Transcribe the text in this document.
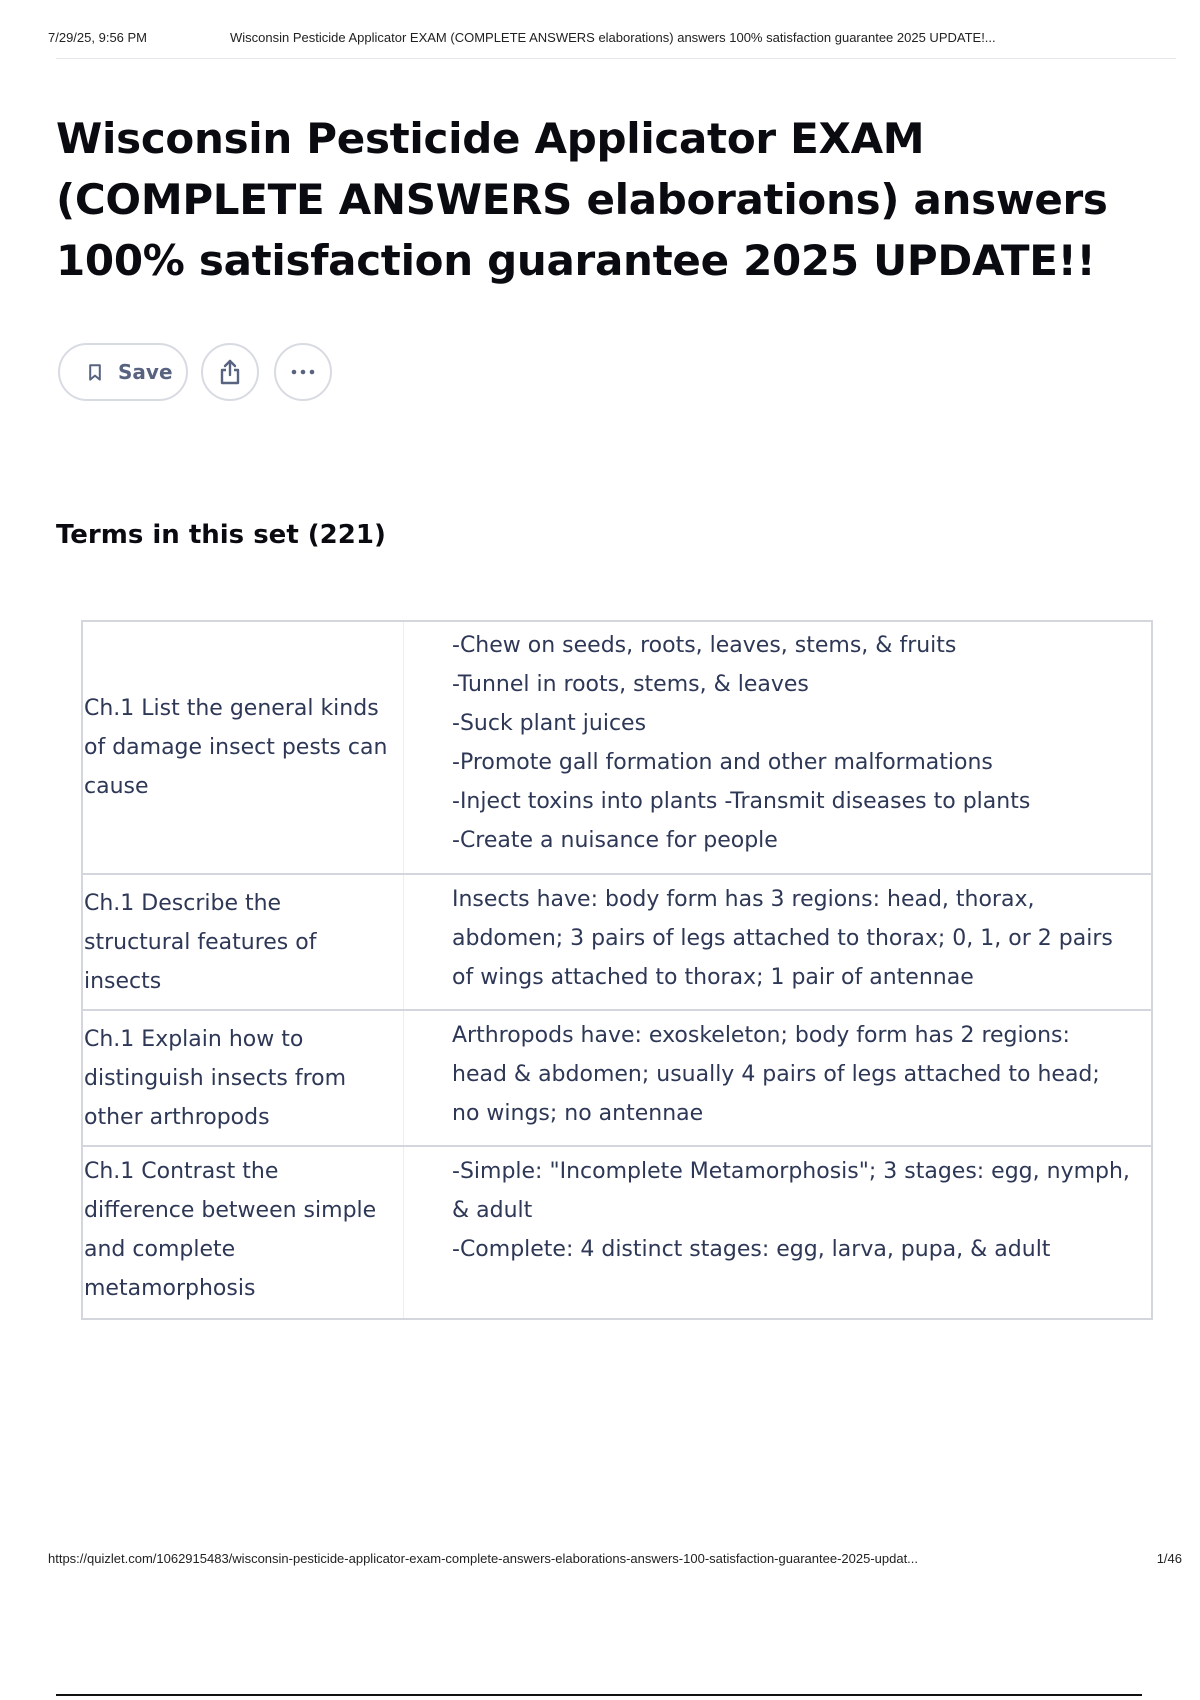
7/29/25, 9:56 PM	Wisconsin Pesticide Applicator EXAM (COMPLETE ANSWERS elaborations) answers 100% satisfaction guarantee 2025 UPDATE!...
Wisconsin Pesticide Applicator EXAM (COMPLETE ANSWERS elaborations) answers 100% satisfaction guarantee 2025 UPDATE!!
Save
Terms in this set (221)
Ch.1 List the general kinds of damage insect pests can cause
-Chew on seeds, roots, leaves, stems, & fruits
-Tunnel in roots, stems, & leaves
-Suck plant juices
-Promote gall formation and other malformations
-Inject toxins into plants -Transmit diseases to plants
-Create a nuisance for people
Ch.1 Describe the structural features of insects
Insects have: body form has 3 regions: head, thorax, abdomen; 3 pairs of legs attached to thorax; 0, 1, or 2 pairs of wings attached to thorax; 1 pair of antennae
Ch.1 Explain how to distinguish insects from other arthropods
Arthropods have: exoskeleton; body form has 2 regions: head & abdomen; usually 4 pairs of legs attached to head; no wings; no antennae
Ch.1 Contrast the difference between simple and complete metamorphosis
-Simple: "Incomplete Metamorphosis"; 3 stages: egg, nymph, & adult
-Complete: 4 distinct stages: egg, larva, pupa, & adult
https://quizlet.com/1062915483/wisconsin-pesticide-applicator-exam-complete-answers-elaborations-answers-100-satisfaction-guarantee-2025-updat...	1/46
